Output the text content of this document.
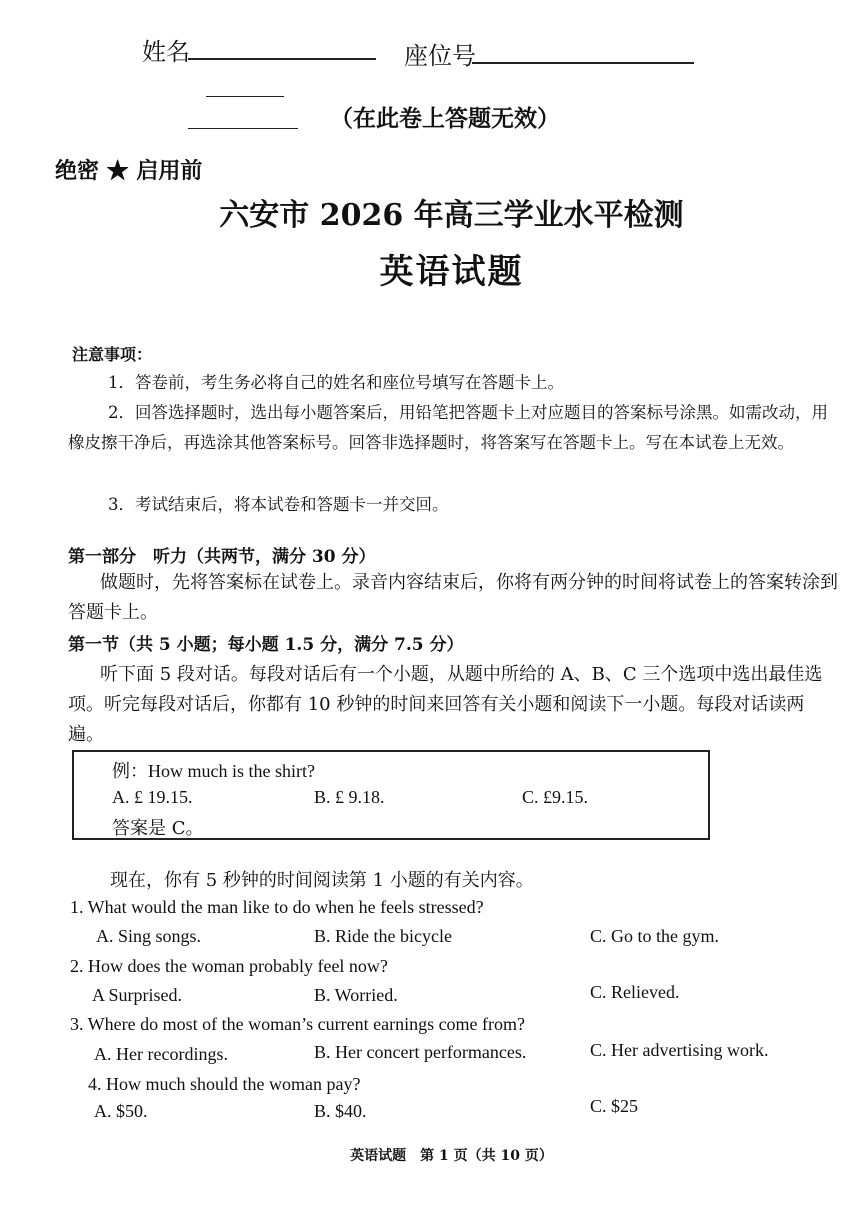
姓名	座位号
（在此卷上答题无效）
绝密 ★ 启用前
六安市 2026 年高三学业水平检测
英语试题
注意事项：
1．答卷前，考生务必将自己的姓名和座位号填写在答题卡上。
2．回答选择题时，选出每小题答案后，用铅笔把答题卡上对应题目的答案标号涂黑。如需改动，用橡皮擦干净后，再选涂其他答案标号。回答非选择题时，将答案写在答题卡上。写在本试卷上无效。
3．考试结束后，将本试卷和答题卡一并交回。
第一部分　听力（共两节，满分 30 分）
做题时，先将答案标在试卷上。录音内容结束后，你将有两分钟的时间将试卷上的答案转涂到答题卡上。
第一节（共 5 小题；每小题 1.5 分，满分 7.5 分）
听下面 5 段对话。每段对话后有一个小题，从题中所给的 A、B、C 三个选项中选出最佳选项。听完每段对话后，你都有 10 秒钟的时间来回答有关小题和阅读下一小题。每段对话读两遍。
例：How much is the shirt?
A. £ 19.15.	B. £ 9.18.	C. £9.15.
答案是 C。
现在，你有 5 秒钟的时间阅读第 1 小题的有关内容。
1. What would the man like to do when he feels stressed?
A. Sing songs.	B. Ride the bicycle	C. Go to the gym.
2. How does the woman probably feel now?
A Surprised.	B. Worried.	C. Relieved.
3. Where do most of the woman’s current earnings come from?
A. Her recordings.	B. Her concert performances.	C. Her advertising work.
4. How much should the woman pay?
A. $50.	B. $40.	C. $25
英语试题　第 1 页（共 10 页）
